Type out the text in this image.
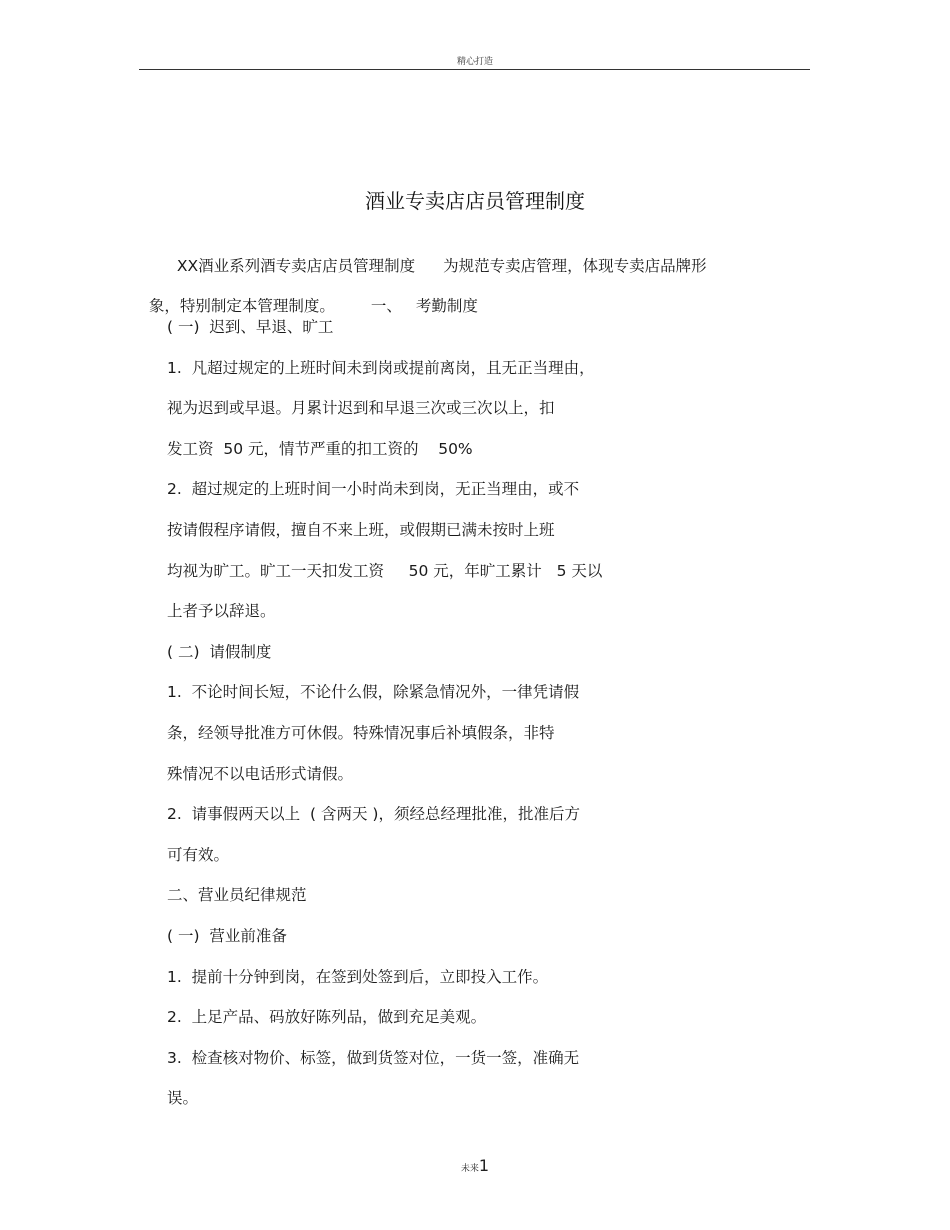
精心打造
酒业专卖店店员管理制度

XX酒业系列酒专卖店店员管理制度 为规范专卖店管理，体现专卖店品牌形

象，特别制定本管理制度。 一、 考勤制度

( 一)  迟到、早退、旷工
1.  凡超过规定的上班时间未到岗或提前离岗，且无正当理由，
视为迟到或早退。月累计迟到和早退三次或三次以上，扣
发工资  50 元，情节严重的扣工资的    50%
2.  超过规定的上班时间一小时尚未到岗，无正当理由，或不
按请假程序请假，擅自不来上班，或假期已满未按时上班
均视为旷工。旷工一天扣发工资     50 元，年旷工累计   5 天以
上者予以辞退。
( 二)  请假制度
1.  不论时间长短，不论什么假，除紧急情况外，一律凭请假
条，经领导批准方可休假。特殊情况事后补填假条，非特
殊情况不以电话形式请假。
2.  请事假两天以上  ( 含两天 )，须经总经理批准，批准后方
可有效。
二、营业员纪律规范
( 一)  营业前准备
1.  提前十分钟到岗，在签到处签到后，立即投入工作。
2.  上足产品、码放好陈列品，做到充足美观。
3.  检查核对物价、标签，做到货签对位，一货一签，准确无
误。
未来1
